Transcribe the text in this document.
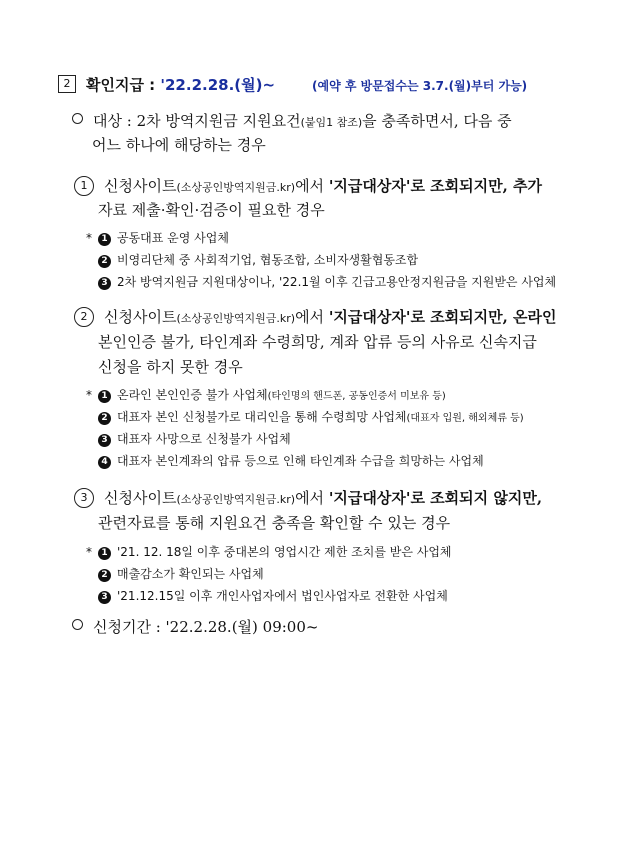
2	확인지급 : '22.2.28.(월)~	(예약 후 방문접수는 3.7.(월)부터 가능)
대상 : 2차 방역지원금 지원요건(붙임1 참조)을 충족하면서, 다음 중
어느 하나에 해당하는 경우
1 신청사이트(소상공인방역지원금.kr)에서 '지급대상자'로 조회되지만, 추가
자료 제출·확인·검증이 필요한 경우
* 1 공동대표 운영 사업체
2 비영리단체 중 사회적기업, 협동조합, 소비자생활협동조합
3 2차 방역지원금 지원대상이나, '22.1월 이후 긴급고용안정지원금을 지원받은 사업체
2 신청사이트(소상공인방역지원금.kr)에서 '지급대상자'로 조회되지만, 온라인
본인인증 불가, 타인계좌 수령희망, 계좌 압류 등의 사유로 신속지급
신청을 하지 못한 경우
* 1 온라인 본인인증 불가 사업체(타인명의 핸드폰, 공동인증서 미보유 등)
2 대표자 본인 신청불가로 대리인을 통해 수령희망 사업체(대표자 입원, 해외체류 등)
3 대표자 사망으로 신청불가 사업체
4 대표자 본인계좌의 압류 등으로 인해 타인계좌 수급을 희망하는 사업체
3 신청사이트(소상공인방역지원금.kr)에서 '지급대상자'로 조회되지 않지만,
관련자료를 통해 지원요건 충족을 확인할 수 있는 경우
* 1 '21. 12. 18일 이후 중대본의 영업시간 제한 조치를 받은 사업체
2 매출감소가 확인되는 사업체
3 '21.12.15일 이후 개인사업자에서 법인사업자로 전환한 사업체
신청기간 : '22.2.28.(월) 09:00~
